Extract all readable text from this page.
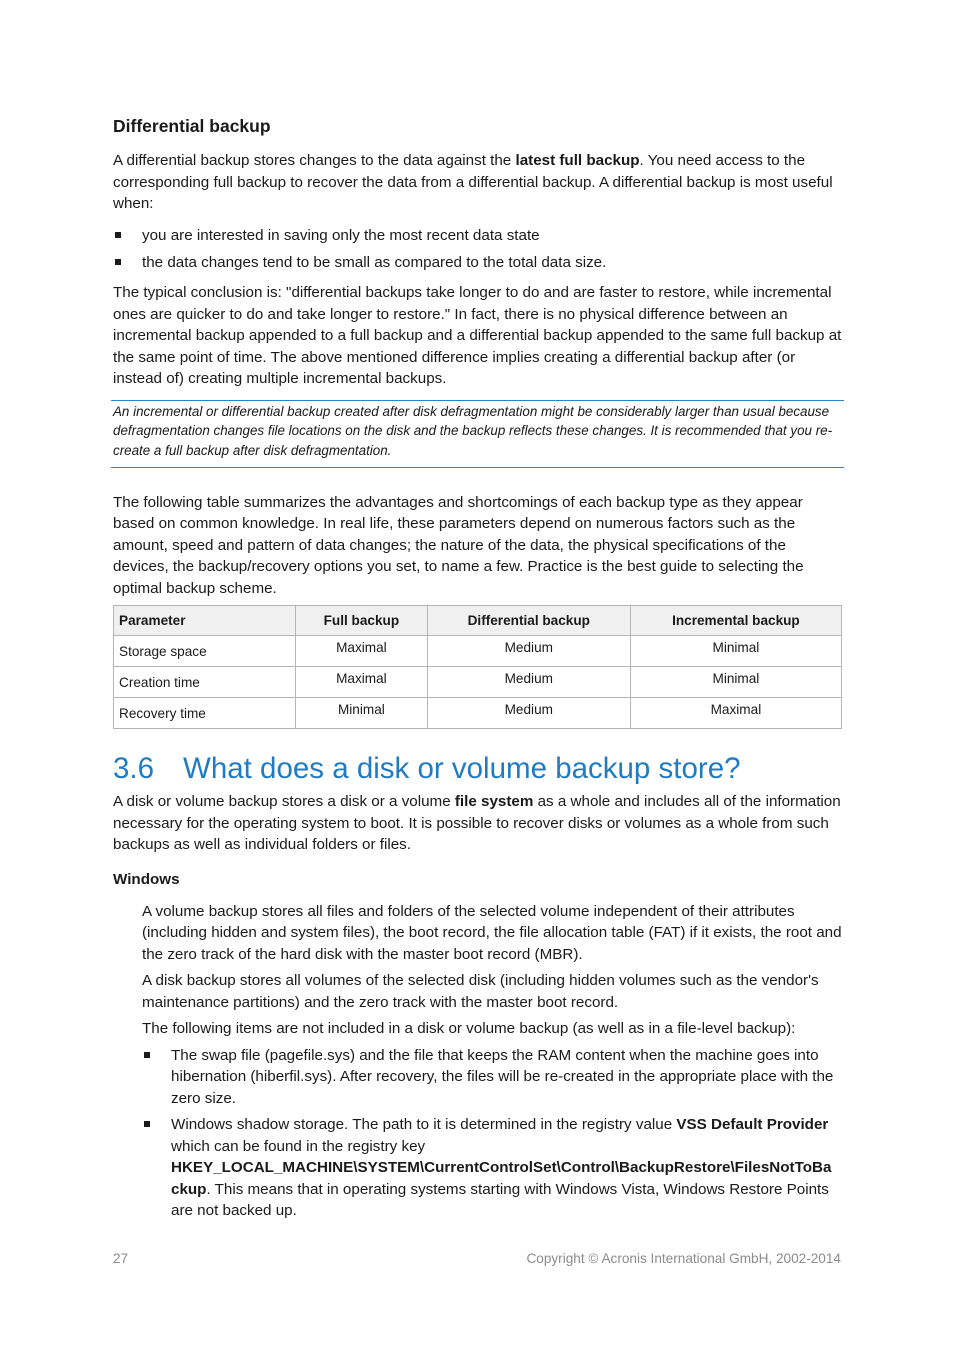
Differential backup

A differential backup stores changes to the data against the latest full backup. You need access to the corresponding full backup to recover the data from a differential backup. A differential backup is most useful when:

you are interested in saving only the most recent data state
the data changes tend to be small as compared to the total data size.

The typical conclusion is: "differential backups take longer to do and are faster to restore, while incremental ones are quicker to do and take longer to restore." In fact, there is no physical difference between an incremental backup appended to a full backup and a differential backup appended to the same full backup at the same point of time. The above mentioned difference implies creating a differential backup after (or instead of) creating multiple incremental backups.

An incremental or differential backup created after disk defragmentation might be considerably larger than usual because defragmentation changes file locations on the disk and the backup reflects these changes. It is recommended that you re-create a full backup after disk defragmentation.

The following table summarizes the advantages and shortcomings of each backup type as they appear based on common knowledge. In real life, these parameters depend on numerous factors such as the amount, speed and pattern of data changes; the nature of the data, the physical specifications of the devices, the backup/recovery options you set, to name a few. Practice is the best guide to selecting the optimal backup scheme.

Parameter	Full backup	Differential backup	Incremental backup
Storage space	Maximal	Medium	Minimal
Creation time	Maximal	Medium	Minimal
Recovery time	Minimal	Medium	Maximal
3.6 What does a disk or volume backup store?

A disk or volume backup stores a disk or a volume file system as a whole and includes all of the information necessary for the operating system to boot. It is possible to recover disks or volumes as a whole from such backups as well as individual folders or files.

Windows

A volume backup stores all files and folders of the selected volume independent of their attributes (including hidden and system files), the boot record, the file allocation table (FAT) if it exists, the root and the zero track of the hard disk with the master boot record (MBR).

A disk backup stores all volumes of the selected disk (including hidden volumes such as the vendor's maintenance partitions) and the zero track with the master boot record.

The following items are not included in a disk or volume backup (as well as in a file-level backup):

The swap file (pagefile.sys) and the file that keeps the RAM content when the machine goes into hibernation (hiberfil.sys). After recovery, the files will be re-created in the appropriate place with the zero size.
Windows shadow storage. The path to it is determined in the registry value VSS Default Provider which can be found in the registry key HKEY_LOCAL_MACHINE\SYSTEM\CurrentControlSet\Control\BackupRestore\FilesNotToBa
ckup. This means that in operating systems starting with Windows Vista, Windows Restore Points are not backed up.
27	Copyright © Acronis International GmbH, 2002-2014
